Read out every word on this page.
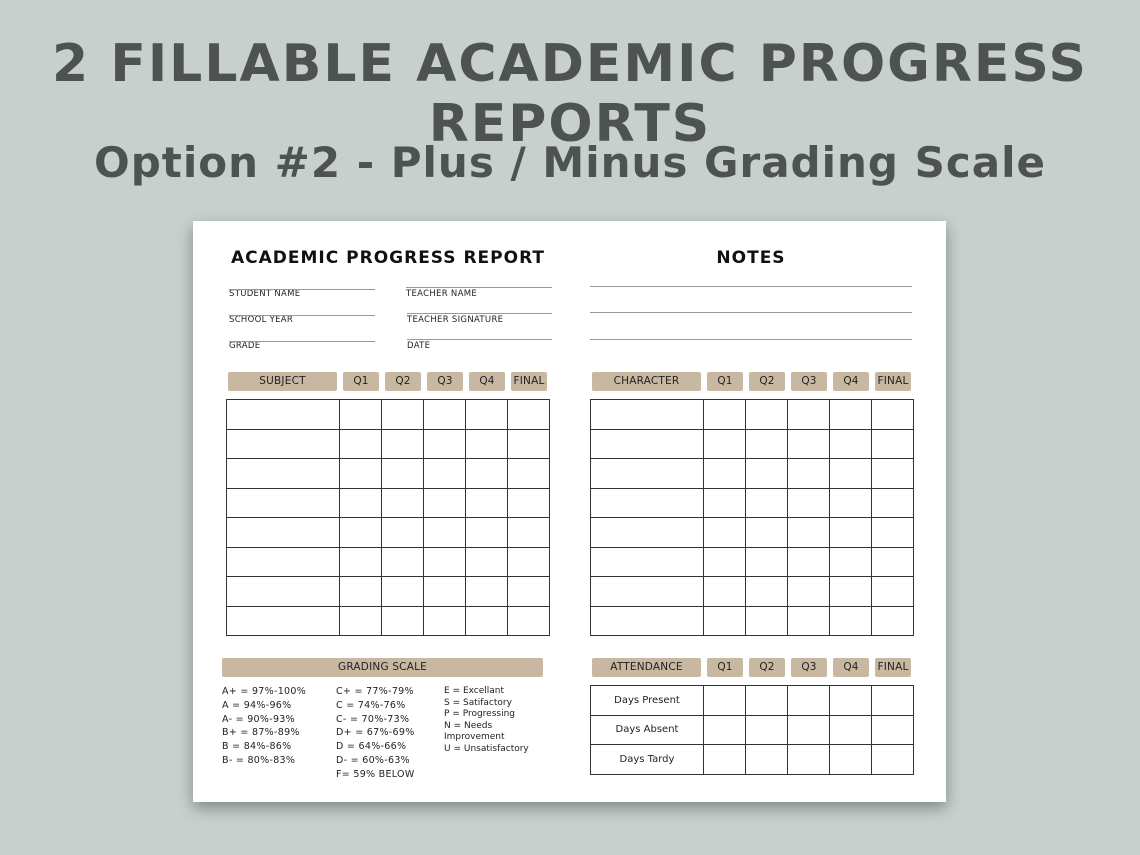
2 FILLABLE ACADEMIC PROGRESS REPORTS
Option #2 - Plus / Minus Grading Scale
ACADEMIC PROGRESS REPORT
STUDENT NAME
SCHOOL YEAR
GRADE
TEACHER NAME
TEACHER SIGNATURE
DATE
SUBJECT	Q1	Q2	Q3	Q4	FINAL

GRADING SCALE
A+ = 97%-100%
A = 94%-96%
A- = 90%-93%
B+ = 87%-89%
B = 84%-86%
B- = 80%-83%
C+ = 77%-79%
C = 74%-76%
C- = 70%-73%
D+ = 67%-69%
D = 64%-66%
D- = 60%-63%
F= 59% BELOW
E = Excellant
S = Satifactory
P = Progressing
N = Needs Improvement
U = Unsatisfactory
NOTES
CHARACTER	Q1	Q2	Q3	Q4	FINAL

ATTENDANCE	Q1	Q2	Q3	Q4	FINAL
Days Present					
Days Absent					
Days Tardy					
